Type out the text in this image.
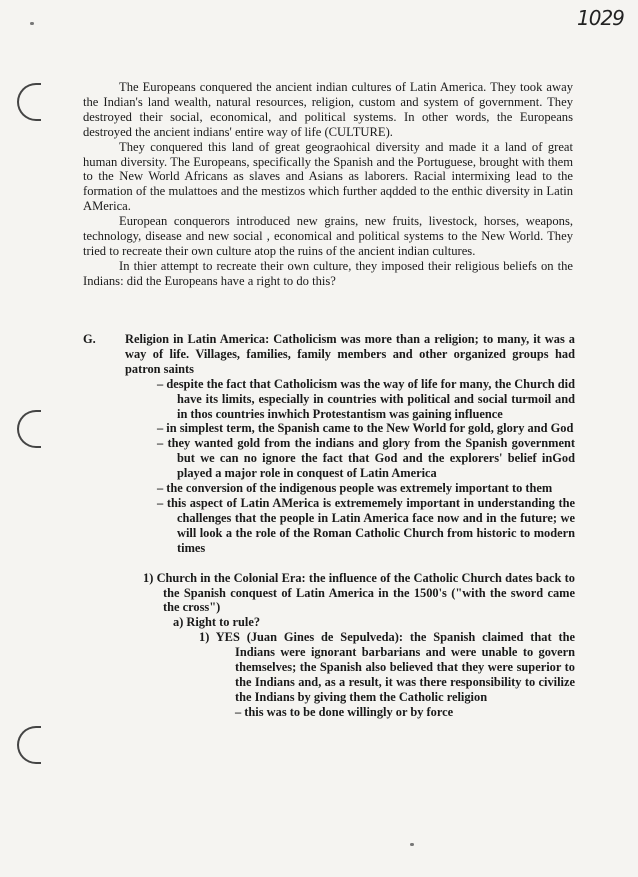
1029

The Europeans conquered the ancient indian cultures of Latin America. They took away the Indian's land wealth, natural resources, religion, custom and system of government. They destroyed their social, economical, and political systems. In other words, the Europeans destroyed the ancient indians' entire way of life (CULTURE).

They conquered this land of great geograohical diversity and made it a land of great human diversity. The Europeans, specifically the Spanish and the Portuguese, brought with them to the New World Africans as slaves and Asians as laborers. Racial intermixing lead to the formation of the mulattoes and the mestizos which further aqdded to the enthic diversity in Latin AMerica.

European conquerors introduced new grains, new fruits, livestock, horses, weapons, technology, disease and new social , economical and political systems to the New World. They tried to recreate their own culture atop the ruins of the ancient indian cultures.

In thier attempt to recreate their own culture, they imposed their religious beliefs on the Indians: did the Europeans have a right to do this?

G.	Religion in Latin America: Catholicism was more than a religion; to many, it was a way of life. Villages, families, family members and other organized groups had patron saints
– despite the fact that Catholicism was the way of life for many, the Church did have its limits, especially in countries with political and social turmoil and in thos countries inwhich Protestantism was gaining influence
– in simplest term, the Spanish came to the New World for gold, glory and God
– they wanted gold from the indians and glory from the Spanish government but we can no ignore the fact that God and the explorers' belief inGod played a major role in conquest of Latin America
– the conversion of the indigenous people was extremely important to them
– this aspect of Latin AMerica is extrememely important in understanding the challenges that the people in Latin America face now and in the future; we will look a the role of the Roman Catholic Church from historic to modern times
1) Church in the Colonial Era: the influence of the Catholic Church dates back to the Spanish conquest of Latin America in the 1500's ("with the sword came the cross")
a) Right to rule?
1) YES (Juan Gines de Sepulveda): the Spanish claimed that the Indians were ignorant barbarians and were unable to govern themselves; the Spanish also believed that they were superior to the Indians and, as a result, it was there responsibility to civilize the Indians by giving them the Catholic religion
– this was to be done willingly or by force
